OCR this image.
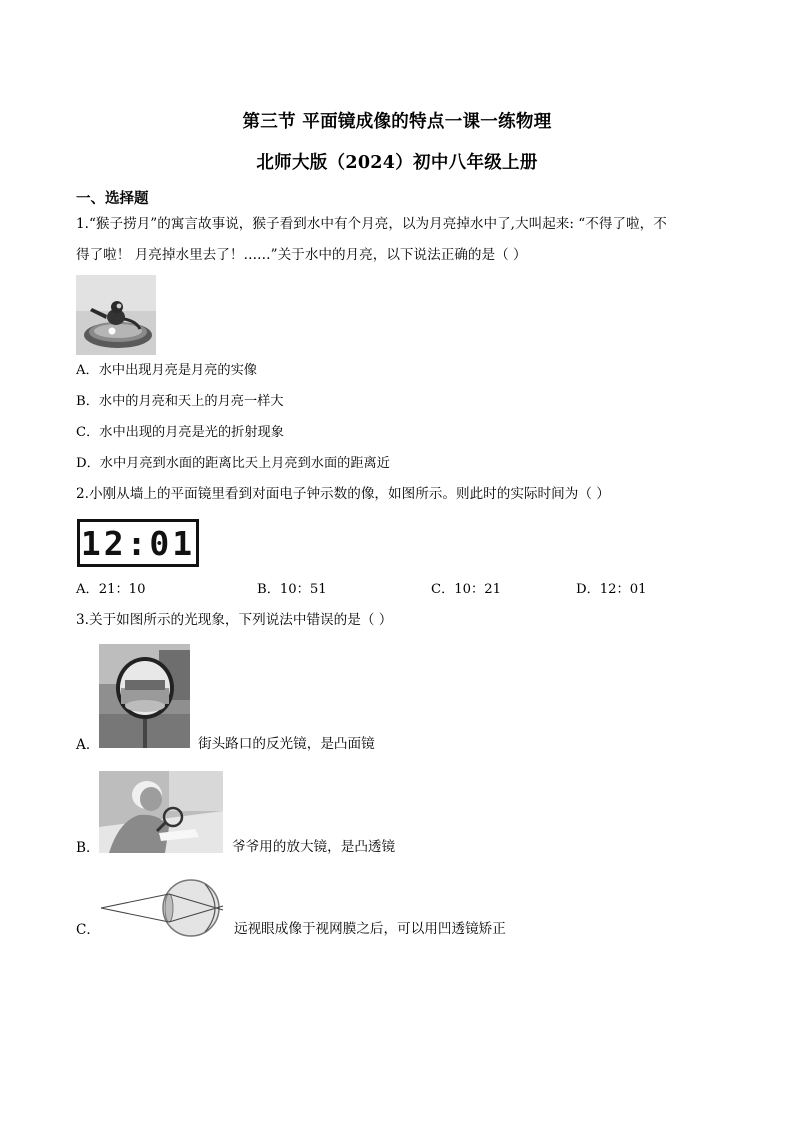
第三节 平面镜成像的特点一课一练物理
北师大版（2024）初中八年级上册
一、选择题
1.“猴子捞月”的寓言故事说，猴子看到水中有个月亮，以为月亮掉水中了,大叫起来: “不得了啦，不
得了啦！ 月亮掉水里去了！……”关于水中的月亮，以下说法正确的是（ ）
A．水中出现月亮是月亮的实像
B．水中的月亮和天上的月亮一样大
C．水中出现的月亮是光的折射现象
D．水中月亮到水面的距离比天上月亮到水面的距离近
2.小刚从墙上的平面镜里看到对面电子钟示数的像，如图所示。则此时的实际时间为（ ）
12:01
A．21：10	B．10：51	C．10：21	D．12：01
3.关于如图所示的光现象，下列说法中错误的是（ ）
A．	街头路口的反光镜，是凸面镜
B．	爷爷用的放大镜，是凸透镜
C．	远视眼成像于视网膜之后，可以用凹透镜矫正
